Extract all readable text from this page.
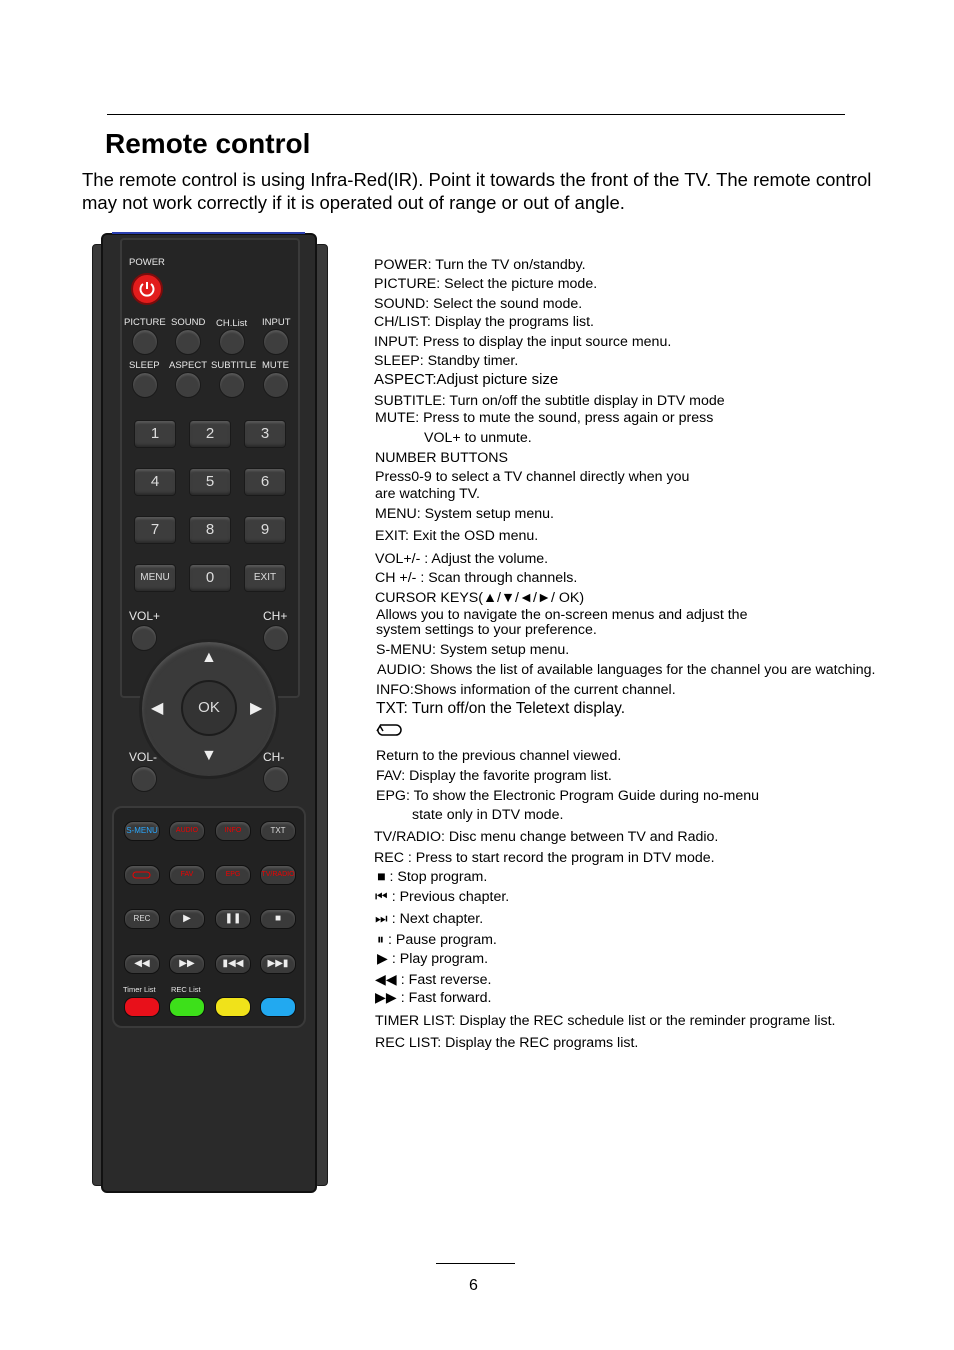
Remote control
The remote control is using Infra-Red(IR). Point it towards the front of the TV. The remote control may not work correctly if it is operated out of range or out of angle.
POWER
PICTURE SOUND CH.List INPUT
SLEEP ASPECT SUBTITLE MUTE
1	2	3
4	5	6
7	8	9
MENU	0	EXIT
VOL+	CH+
▲
▼
◀	▶
OK
VOL-	CH-
S-MENU	AUDIO	INFO	TXT
FAV	EPG	TV/RADIO
REC	▶	❚❚	■
◀◀	▶▶	▮◀◀	▶▶▮
Timer List REC List
POWER: Turn the TV on/standby.
PICTURE: Select the picture mode.
SOUND: Select the sound mode.
CH/LIST: Display the programs list.
INPUT: Press to display the input source menu.
SLEEP: Standby timer.
ASPECT:Adjust picture size
SUBTITLE: Turn on/off the subtitle display in DTV mode
MUTE: Press to mute the sound, press again or press
VOL+ to unmute.
NUMBER BUTTONS
Press0-9 to select a TV channel directly when you
are watching TV.
MENU: System setup menu.
EXIT: Exit the OSD menu.
VOL+/- : Adjust the volume.
CH +/- : Scan through channels.
CURSOR KEYS(▲/▼/◄/►/ OK)
Allows you to navigate the on-screen menus and adjust the
system settings to your preference.
S-MENU: System setup menu.
AUDIO: Shows the list of available languages for the channel you are watching.
INFO:Shows information of the current channel.
TXT: Turn off/on the Teletext display.
Return to the previous channel viewed.
FAV: Display the favorite program list.
EPG: To show the Electronic Program Guide during no-menu
state only in DTV mode.
TV/RADIO: Disc menu change between TV and Radio.
REC : Press to start record the program in DTV mode.
■ : Stop program.
⏮ : Previous chapter.
⏭ : Next chapter.
⏸ : Pause program.
▶ : Play program.
◀◀ : Fast reverse.
▶▶ : Fast forward.
TIMER LIST: Display the REC schedule list or the reminder programe list.
REC LIST: Display the REC programs list.
6
